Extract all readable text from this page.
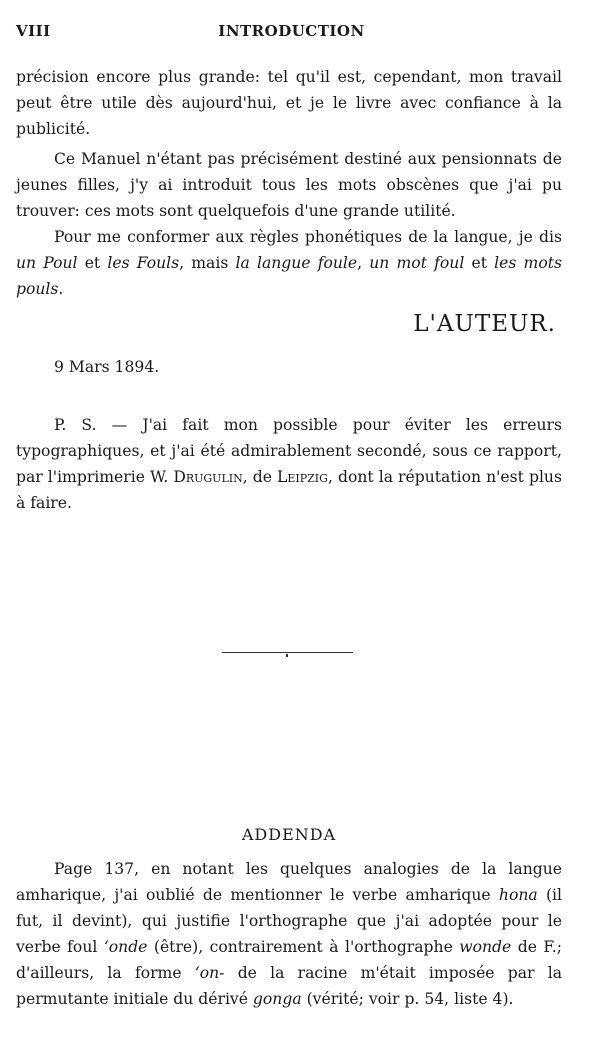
VIII	INTRODUCTION

précision encore plus grande: tel qu'il est, cependant, mon travail peut être utile dès aujourd'hui, et je le livre avec confiance à la publicité.

Ce Manuel n'étant pas précisément destiné aux pensionnats de jeunes filles, j'y ai introduit tous les mots obscènes que j'ai pu trouver: ces mots sont quelquefois d'une grande utilité.

Pour me conformer aux règles phonétiques de la langue, je dis un Poul et les Fouls, mais la langue foule, un mot foul et les mots pouls.

L'AUTEUR.
9 Mars 1894.

P. S. — J'ai fait mon possible pour éviter les erreurs typographiques, et j'ai été admirablement secondé, sous ce rapport, par l'imprimerie W. Drugulin, de Leipzig, dont la réputation n'est plus à faire.

ADDENDA

Page 137, en notant les quelques analogies de la langue amharique, j'ai oublié de mentionner le verbe amharique hona (il fut, il devint), qui justifie l'orthographe que j'ai adoptée pour le verbe foul ‘onde (être), contrairement à l'orthographe wonde de F.; d'ailleurs, la forme ‘on- de la racine m'était imposée par la permutante initiale du dérivé gonga (vérité; voir p. 54, liste 4).
